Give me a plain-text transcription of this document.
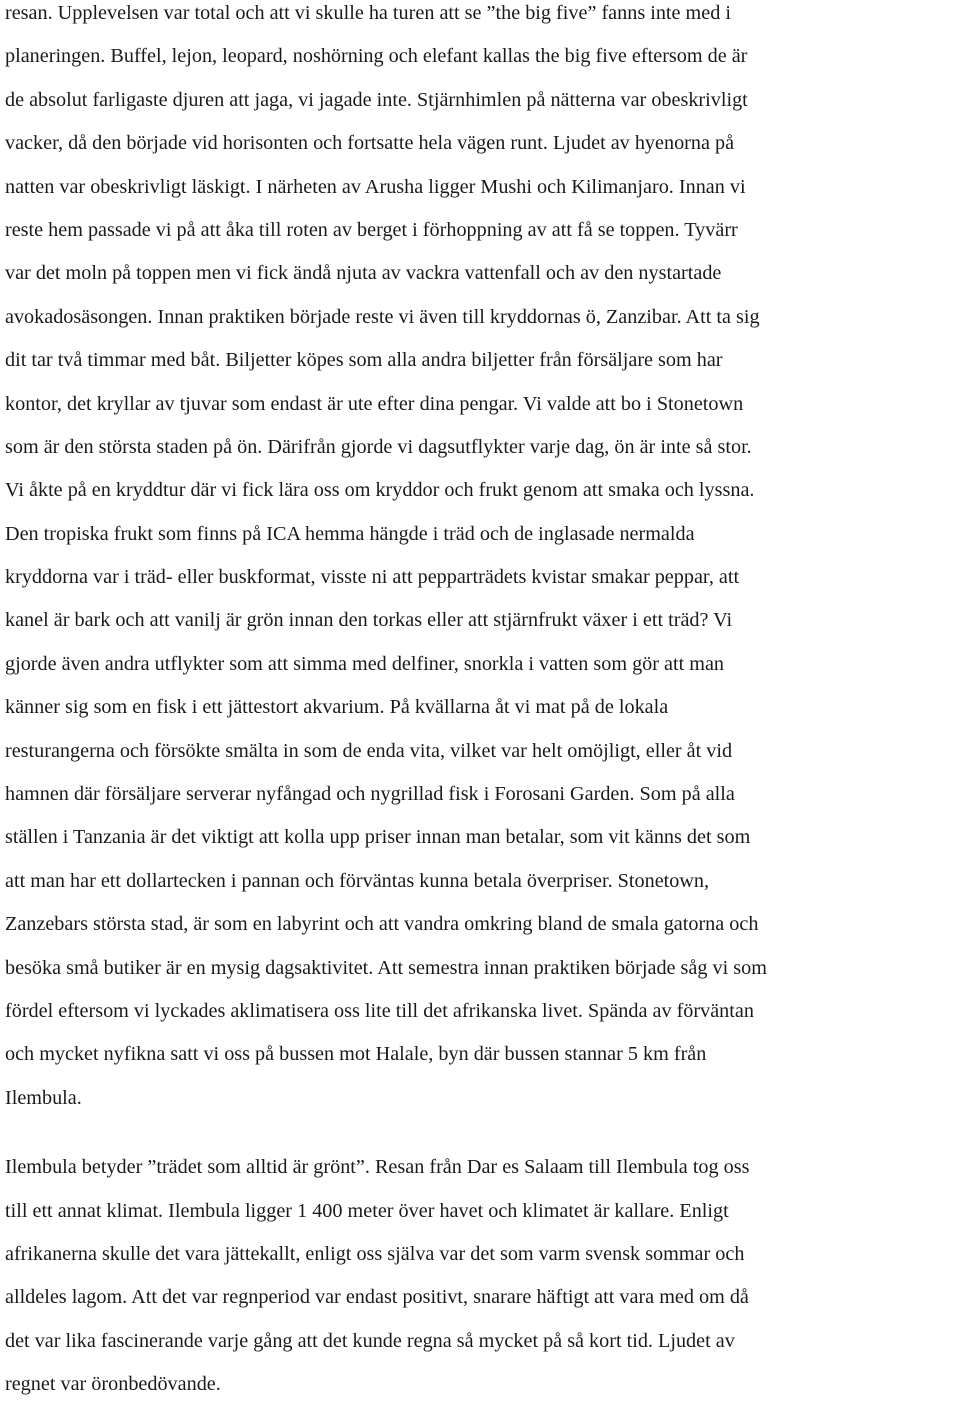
resan. Upplevelsen var total och att vi skulle ha turen att se ”the big five” fanns inte med i
planeringen. Buffel, lejon, leopard, noshörning och elefant kallas the big five eftersom de är
de absolut farligaste djuren att jaga, vi jagade inte. Stjärnhimlen på nätterna var obeskrivligt
vacker, då den började vid horisonten och fortsatte hela vägen runt. Ljudet av hyenorna på
natten var obeskrivligt läskigt. I närheten av Arusha ligger Mushi och Kilimanjaro. Innan vi
reste hem passade vi på att åka till roten av berget i förhoppning av att få se toppen. Tyvärr
var det moln på toppen men vi fick ändå njuta av vackra vattenfall och av den nystartade
avokadosäsongen. Innan praktiken började reste vi även till kryddornas ö, Zanzibar. Att ta sig
dit tar två timmar med båt. Biljetter köpes som alla andra biljetter från försäljare som har
kontor, det kryllar av tjuvar som endast är ute efter dina pengar. Vi valde att bo i Stonetown
som är den största staden på ön. Därifrån gjorde vi dagsutflykter varje dag, ön är inte så stor.
Vi åkte på en kryddtur där vi fick lära oss om kryddor och frukt genom att smaka och lyssna.
Den tropiska frukt som finns på ICA hemma hängde i träd och de inglasade nermalda
kryddorna var i träd- eller buskformat, visste ni att pepparträdets kvistar smakar peppar, att
kanel är bark och att vanilj är grön innan den torkas eller att stjärnfrukt växer i ett träd? Vi
gjorde även andra utflykter som att simma med delfiner, snorkla i vatten som gör att man
känner sig som en fisk i ett jättestort akvarium. På kvällarna åt vi mat på de lokala
resturangerna och försökte smälta in som de enda vita, vilket var helt omöjligt, eller åt vid
hamnen där försäljare serverar nyfångad och nygrillad fisk i Forosani Garden. Som på alla
ställen i Tanzania är det viktigt att kolla upp priser innan man betalar, som vit känns det som
att man har ett dollartecken i pannan och förväntas kunna betala överpriser. Stonetown,
Zanzebars största stad, är som en labyrint och att vandra omkring bland de smala gatorna och
besöka små butiker är en mysig dagsaktivitet. Att semestra innan praktiken började såg vi som
fördel eftersom vi lyckades aklimatisera oss lite till det afrikanska livet. Spända av förväntan
och mycket nyfikna satt vi oss på bussen mot Halale, byn där bussen stannar 5 km från
Ilembula.
Ilembula betyder ”trädet som alltid är grönt”. Resan från Dar es Salaam till Ilembula tog oss
till ett annat klimat. Ilembula ligger 1 400 meter över havet och klimatet är kallare. Enligt
afrikanerna skulle det vara jättekallt, enligt oss själva var det som varm svensk sommar och
alldeles lagom. Att det var regnperiod var endast positivt, snarare häftigt att vara med om då
det var lika fascinerande varje gång att det kunde regna så mycket på så kort tid. Ljudet av
regnet var öronbedövande.
